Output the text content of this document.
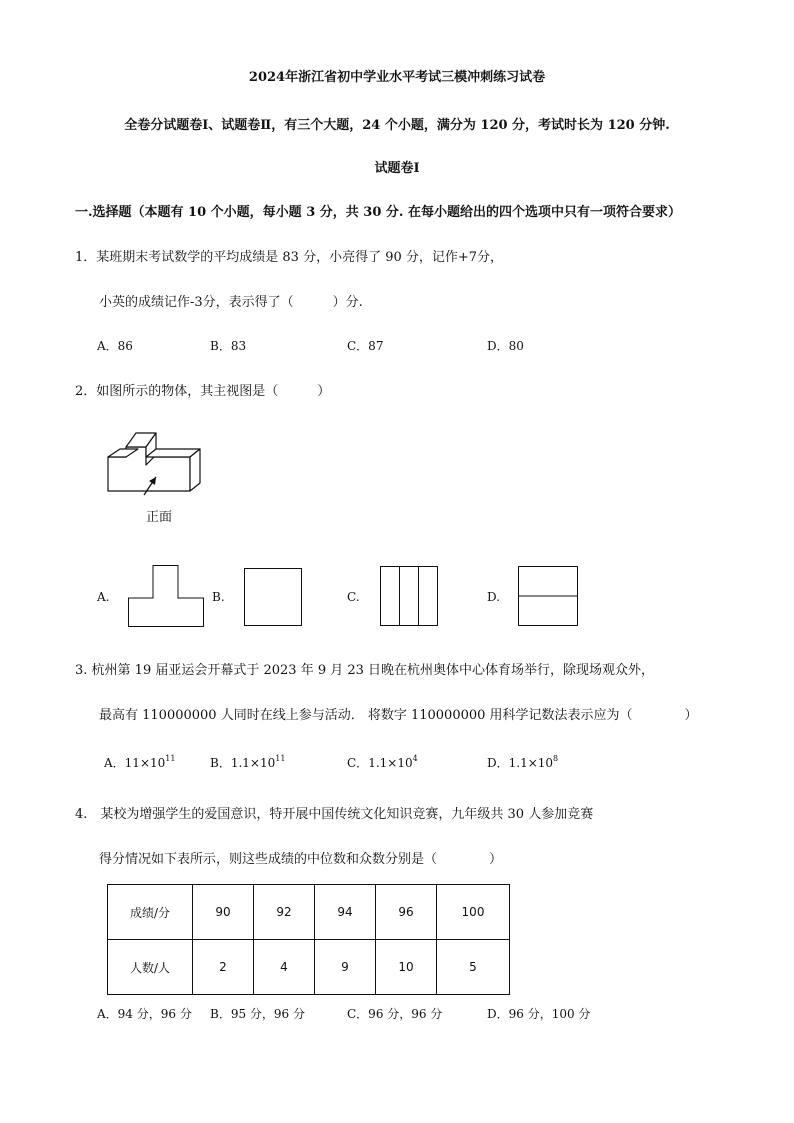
2024年浙江省初中学业水平考试三模冲刺练习试卷
全卷分试题卷Ⅰ、试题卷Ⅱ，有三个大题，24 个小题，满分为 120 分，考试时长为 120 分钟.
试题卷Ⅰ
一.选择题（本题有 10 个小题，每小题 3 分，共 30 分. 在每小题给出的四个选项中只有一项符合要求）
1．某班期末考试数学的平均成绩是 83 分，小亮得了 90 分，记作+7分，
小英的成绩记作-3分，表示得了（　　　）分.
A．86	B．83	C．87	D．80
2．如图所示的物体，其主视图是（　　　）
正面
A.	B.	C.	D.
3. 杭州第 19 届亚运会开幕式于 2023 年 9 月 23 日晚在杭州奥体中心体育场举行，除现场观众外，
最高有 110000000 人同时在线上参与活动． 将数字 110000000 用科学记数法表示应为（　　　　）
A．$11\times 10^{11}$	B．$1.1\times 10^{11}$	C．$1.1\times 10^4$	D．$1.1\times 10^8$
4.　某校为增强学生的爱国意识，特开展中国传统文化知识竞赛，九年级共 30 人参加竞赛
得分情况如下表所示，则这些成绩的中位数和众数分别是（　　　　）
成绩/分	90	92	94	96	100
人数/人	2	4	9	10	5
A．94 分，96 分 B．95 分，96 分	C．96 分，96 分	D．96 分，100 分
